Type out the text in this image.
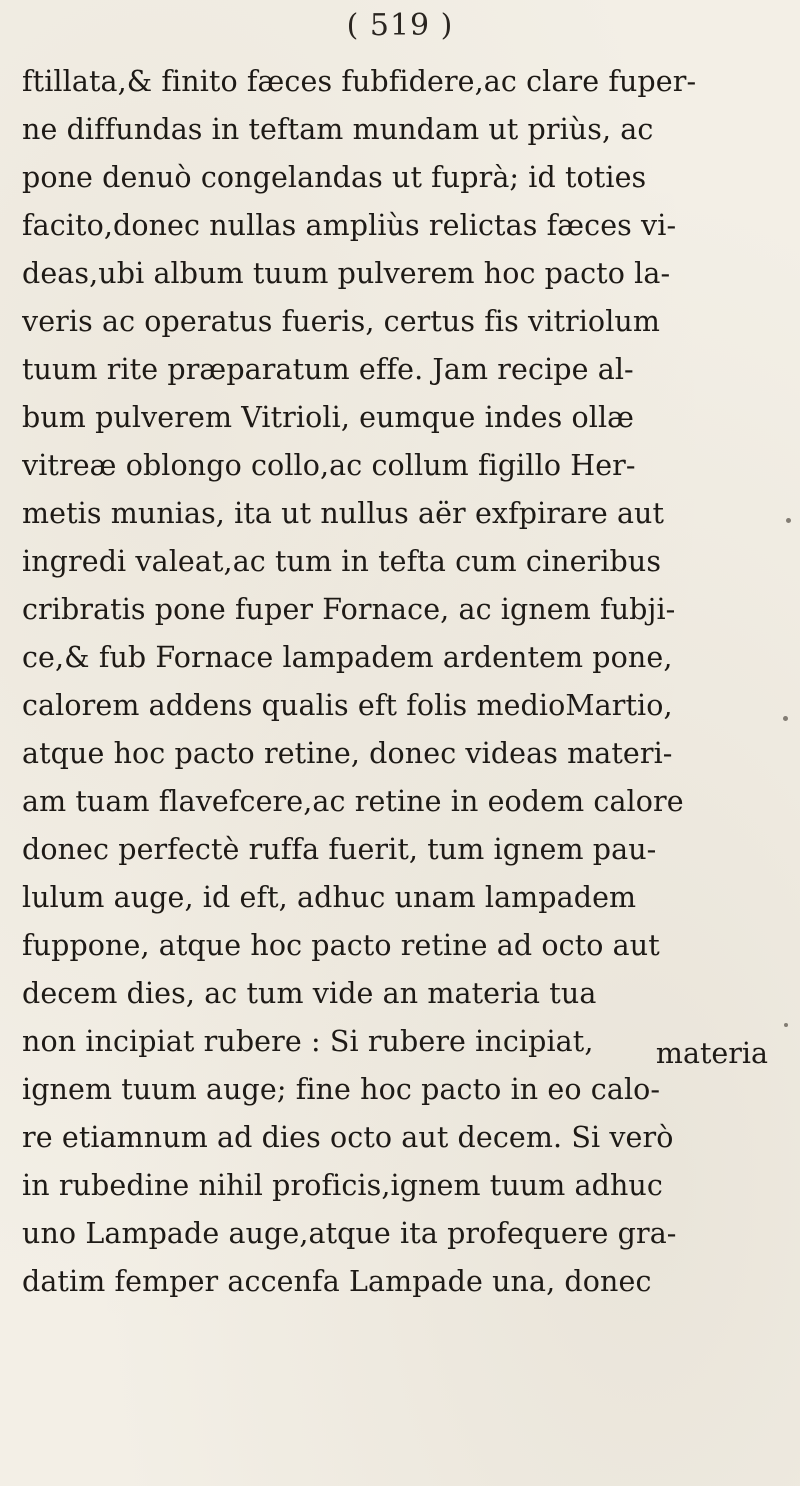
( 519 )
ftillata,& finito fæces fubfidere,ac clare fuper-
ne diffundas in teftam mundam ut priùs, ac
pone denuò congelandas ut fuprà; id toties
facito,donec nullas ampliùs relictas fæces vi-
deas,ubi album tuum pulverem hoc pacto la-
veris ac operatus fueris, certus fis vitriolum
tuum rite præparatum effe. Jam recipe al-
bum pulverem Vitrioli, eumque indes ollæ
vitreæ oblongo collo,ac collum figillo Her-
metis munias, ita ut nullus aër exfpirare aut
ingredi valeat,ac tum in tefta cum cineribus
cribratis pone fuper Fornace, ac ignem fubji-
ce,& fub Fornace lampadem ardentem pone,
calorem addens qualis eft folis medioMartio,
atque hoc pacto retine, donec videas materi-
am tuam flavefcere,ac retine in eodem calore
donec perfectè ruffa fuerit, tum ignem pau-
lulum auge, id eft, adhuc unam lampadem
fuppone, atque hoc pacto retine ad octo aut
decem dies, ac tum vide an materia tua
non incipiat rubere : Si rubere incipiat,
ignem tuum auge; fine hoc pacto in eo calo-
re etiamnum ad dies octo aut decem. Si verò
in rubedine nihil proficis,ignem tuum adhuc
uno Lampade auge,atque ita profequere gra-
datim femper accenfa Lampade una, donec
materia
